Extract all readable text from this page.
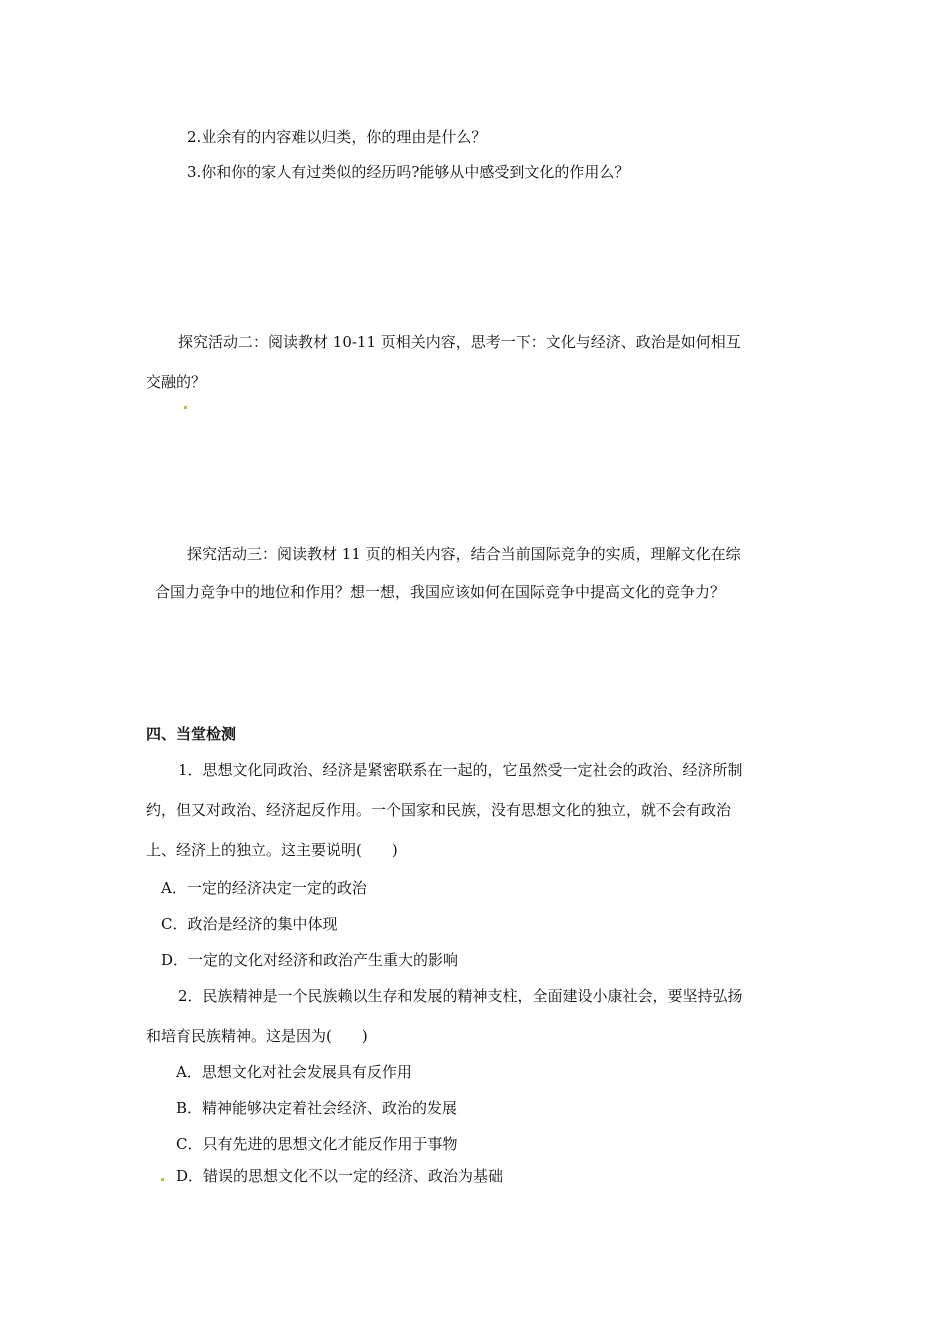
2.业余有的内容难以归类，你的理由是什么？
3.你和你的家人有过类似的经历吗?能够从中感受到文化的作用么？
探究活动二：阅读教材 10-11 页相关内容，思考一下：文化与经济、政治是如何相互
交融的？
探究活动三：阅读教材 11 页的相关内容，结合当前国际竞争的实质，理解文化在综
合国力竞争中的地位和作用？想一想，我国应该如何在国际竞争中提高文化的竞争力？
四、当堂检测
1．思想文化同政治、经济是紧密联系在一起的，它虽然受一定社会的政治、经济所制
约，但又对政治、经济起反作用。一个国家和民族，没有思想文化的独立，就不会有政治
上、经济上的独立。这主要说明(　　)
A．一定的经济决定一定的政治
C．政治是经济的集中体现
D．一定的文化对经济和政治产生重大的影响
2．民族精神是一个民族赖以生存和发展的精神支柱，全面建设小康社会，要坚持弘扬
和培育民族精神。这是因为(　　)
A．思想文化对社会发展具有反作用
B．精神能够决定着社会经济、政治的发展
C．只有先进的思想文化才能反作用于事物
D．错误的思想文化不以一定的经济、政治为基础
